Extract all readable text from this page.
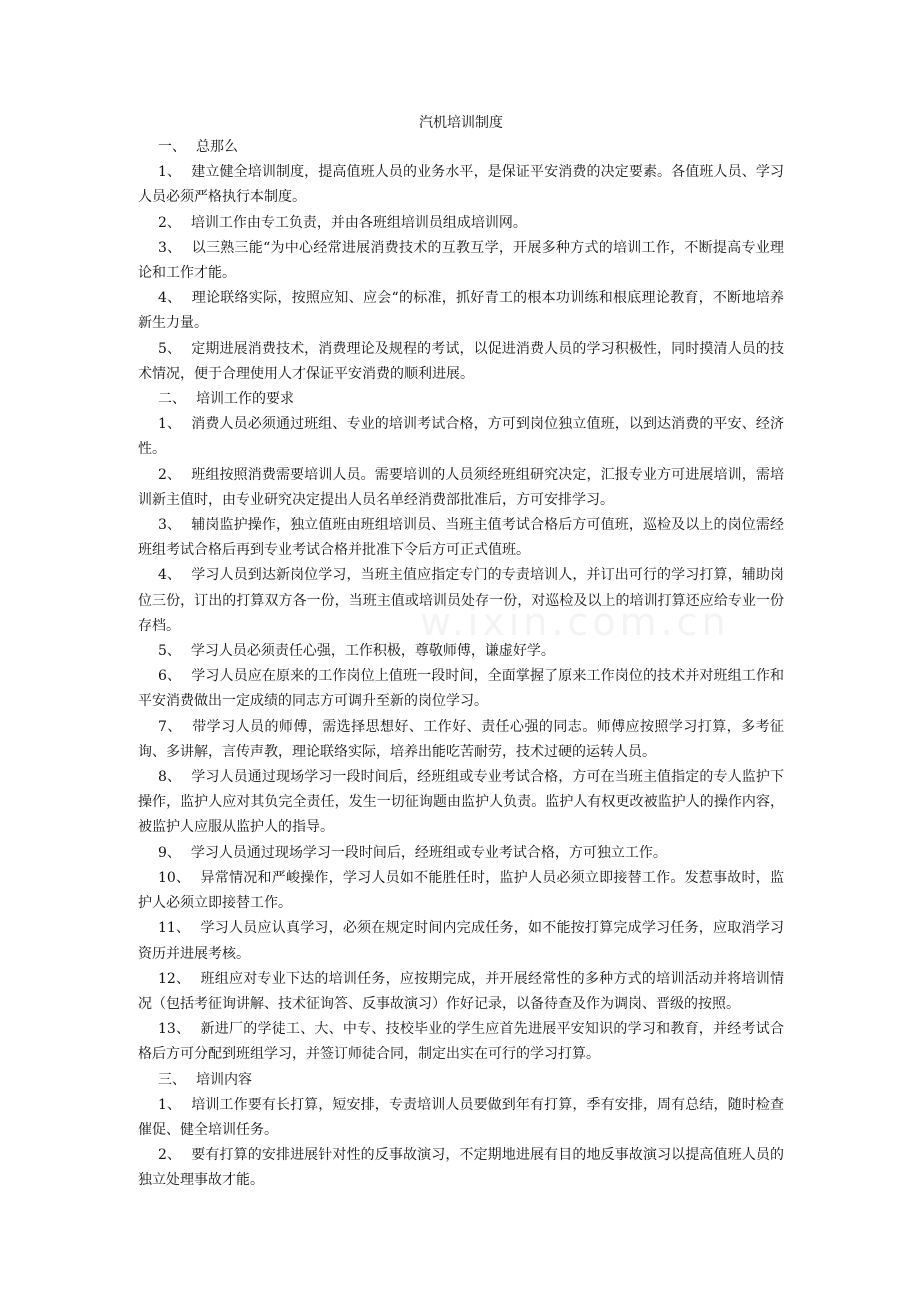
汽机培训制度

一、 总那么

1、 建立健全培训制度，提高值班人员的业务水平，是保证平安消费的决定要素。各值班人员、学习人员必须严格执行本制度。

2、 培训工作由专工负责，并由各班组培训员组成培训网。

3、 以三熟三能“为中心经常进展消费技术的互教互学，开展多种方式的培训工作，不断提高专业理论和工作才能。

4、 理论联络实际，按照应知、应会“的标准，抓好青工的根本功训练和根底理论教育，不断地培养新生力量。

5、 定期进展消费技术，消费理论及规程的考试，以促进消费人员的学习积极性，同时摸清人员的技术情况，便于合理使用人才保证平安消费的顺利进展。

二、 培训工作的要求

1、 消费人员必须通过班组、专业的培训考试合格，方可到岗位独立值班，以到达消费的平安、经济性。

2、 班组按照消费需要培训人员。需要培训的人员须经班组研究决定，汇报专业方可进展培训，需培训新主值时，由专业研究决定提出人员名单经消费部批准后，方可安排学习。

3、 辅岗监护操作，独立值班由班组培训员、当班主值考试合格后方可值班，巡检及以上的岗位需经班组考试合格后再到专业考试合格并批准下令后方可正式值班。

4、 学习人员到达新岗位学习，当班主值应指定专门的专责培训人，并订出可行的学习打算，辅助岗位三份，订出的打算双方各一份，当班主值或培训员处存一份，对巡检及以上的培训打算还应给专业一份存档。

5、 学习人员必须责任心强，工作积极，尊敬师傅，谦虚好学。

6、 学习人员应在原来的工作岗位上值班一段时间，全面掌握了原来工作岗位的技术并对班组工作和平安消费做出一定成绩的同志方可调升至新的岗位学习。

7、 带学习人员的师傅，需选择思想好、工作好、责任心强的同志。师傅应按照学习打算，多考征询、多讲解，言传声教，理论联络实际，培养出能吃苦耐劳，技术过硬的运转人员。

8、 学习人员通过现场学习一段时间后，经班组或专业考试合格，方可在当班主值指定的专人监护下操作，监护人应对其负完全责任，发生一切征询题由监护人负责。监护人有权更改被监护人的操作内容，被监护人应服从监护人的指导。

9、 学习人员通过现场学习一段时间后，经班组或专业考试合格，方可独立工作。

10、 异常情况和严峻操作，学习人员如不能胜任时，监护人员必须立即接替工作。发惹事故时，监护人必须立即接替工作。

11、 学习人员应认真学习，必须在规定时间内完成任务，如不能按打算完成学习任务，应取消学习资历并进展考核。

12、 班组应对专业下达的培训任务，应按期完成，并开展经常性的多种方式的培训活动并将培训情况（包括考征询讲解、技术征询答、反事故演习）作好记录，以备待查及作为调岗、晋级的按照。

13、 新进厂的学徒工、大、中专、技校毕业的学生应首先进展平安知识的学习和教育，并经考试合格后方可分配到班组学习，并签订师徒合同，制定出实在可行的学习打算。

三、 培训内容

1、 培训工作要有长打算，短安排，专责培训人员要做到年有打算，季有安排，周有总结，随时检查催促、健全培训任务。

2、 要有打算的安排进展针对性的反事故演习，不定期地进展有目的地反事故演习以提高值班人员的独立处理事故才能。
